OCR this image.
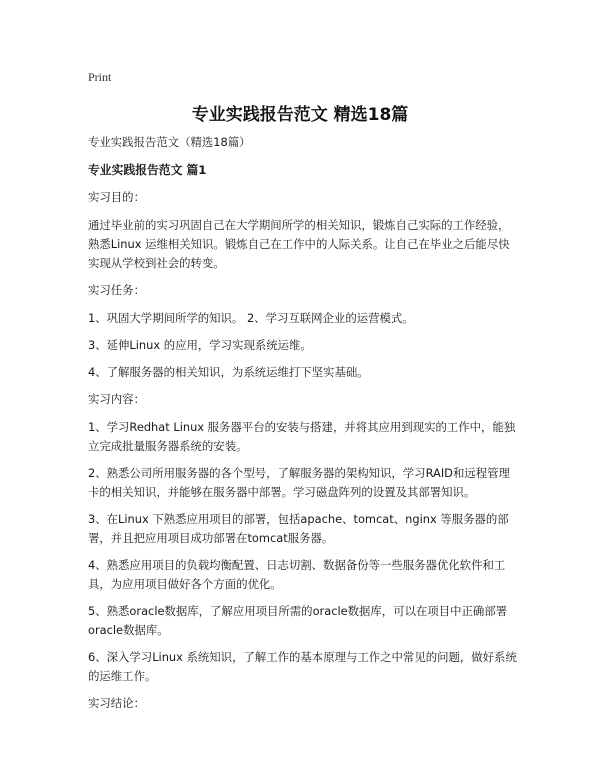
Print
专业实践报告范文 精选18篇

专业实践报告范文（精选18篇）

专业实践报告范文 篇1

实习目的：

通过毕业前的实习巩固自己在大学期间所学的相关知识，锻炼自己实际的工作经验，熟悉Linux 运维相关知识。锻炼自己在工作中的人际关系。让自己在毕业之后能尽快实现从学校到社会的转变。

实习任务：

1、巩固大学期间所学的知识。 2、学习互联网企业的运营模式。

3、延伸Linux 的应用，学习实现系统运维。

4、了解服务器的相关知识，为系统运维打下坚实基础。

实习内容：

1、学习Redhat Linux 服务器平台的安装与搭建，并将其应用到现实的工作中，能独立完成批量服务器系统的安装。

2、熟悉公司所用服务器的各个型号，了解服务器的架构知识，学习RAID和远程管理卡的相关知识，并能够在服务器中部署。学习磁盘阵列的设置及其部署知识。

3、在Linux 下熟悉应用项目的部署，包括apache、tomcat、nginx 等服务器的部署，并且把应用项目成功部署在tomcat服务器。

4、熟悉应用项目的负载均衡配置、日志切割、数据备份等一些服务器优化软件和工具，为应用项目做好各个方面的优化。

5、熟悉oracle数据库，了解应用项目所需的oracle数据库，可以在项目中正确部署oracle数据库。

6、深入学习Linux 系统知识，了解工作的基本原理与工作之中常见的问题，做好系统的运维工作。

实习结论：
